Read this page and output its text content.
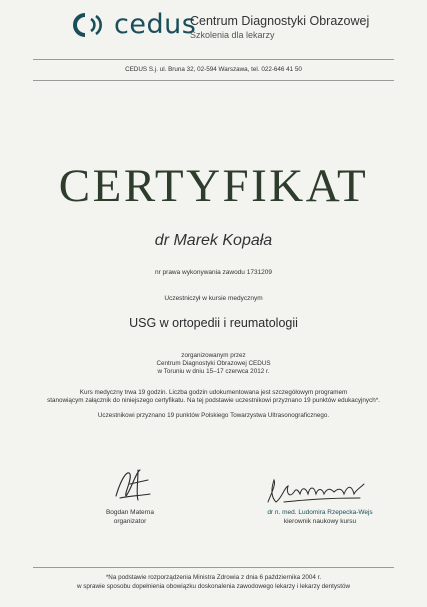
cedus
Centrum Diagnostyki Obrazowej
Szkolenia dla lekarzy
CEDUS S.j. ul. Bruna 32, 02-594 Warszawa, tel. 022-646 41 50
CERTYFIKAT
dr Marek Kopała
nr prawa wykonywania zawodu 1731209
Uczestniczył w kursie medycznym
USG w ortopedii i reumatologii
zorganizowanym przez
Centrum Diagnostyki Obrazowej CEDUS
w Toruniu w dniu 15–17 czerwca 2012 r.
Kurs medyczny trwa 19 godzin. Liczba godzin udokumentowana jest szczegółowym programem
stanowiącym załącznik do niniejszego certyfikatu. Na tej podstawie uczestnikowi przyznano 19 punktów edukacyjnych*.
Uczestnikowi przyznano 19 punktów Polskiego Towarzystwa Ultrasonograficznego.
Bogdan Materna
organizator
dr n. med. Ludomira Rzepecka-Wejs
kierownik naukowy kursu
*Na podstawie rozporządzenia Ministra Zdrowia z dnia 6 października 2004 r.
w sprawie sposobu dopełnienia obowiązku doskonalenia zawodowego lekarzy i lekarzy dentystów
